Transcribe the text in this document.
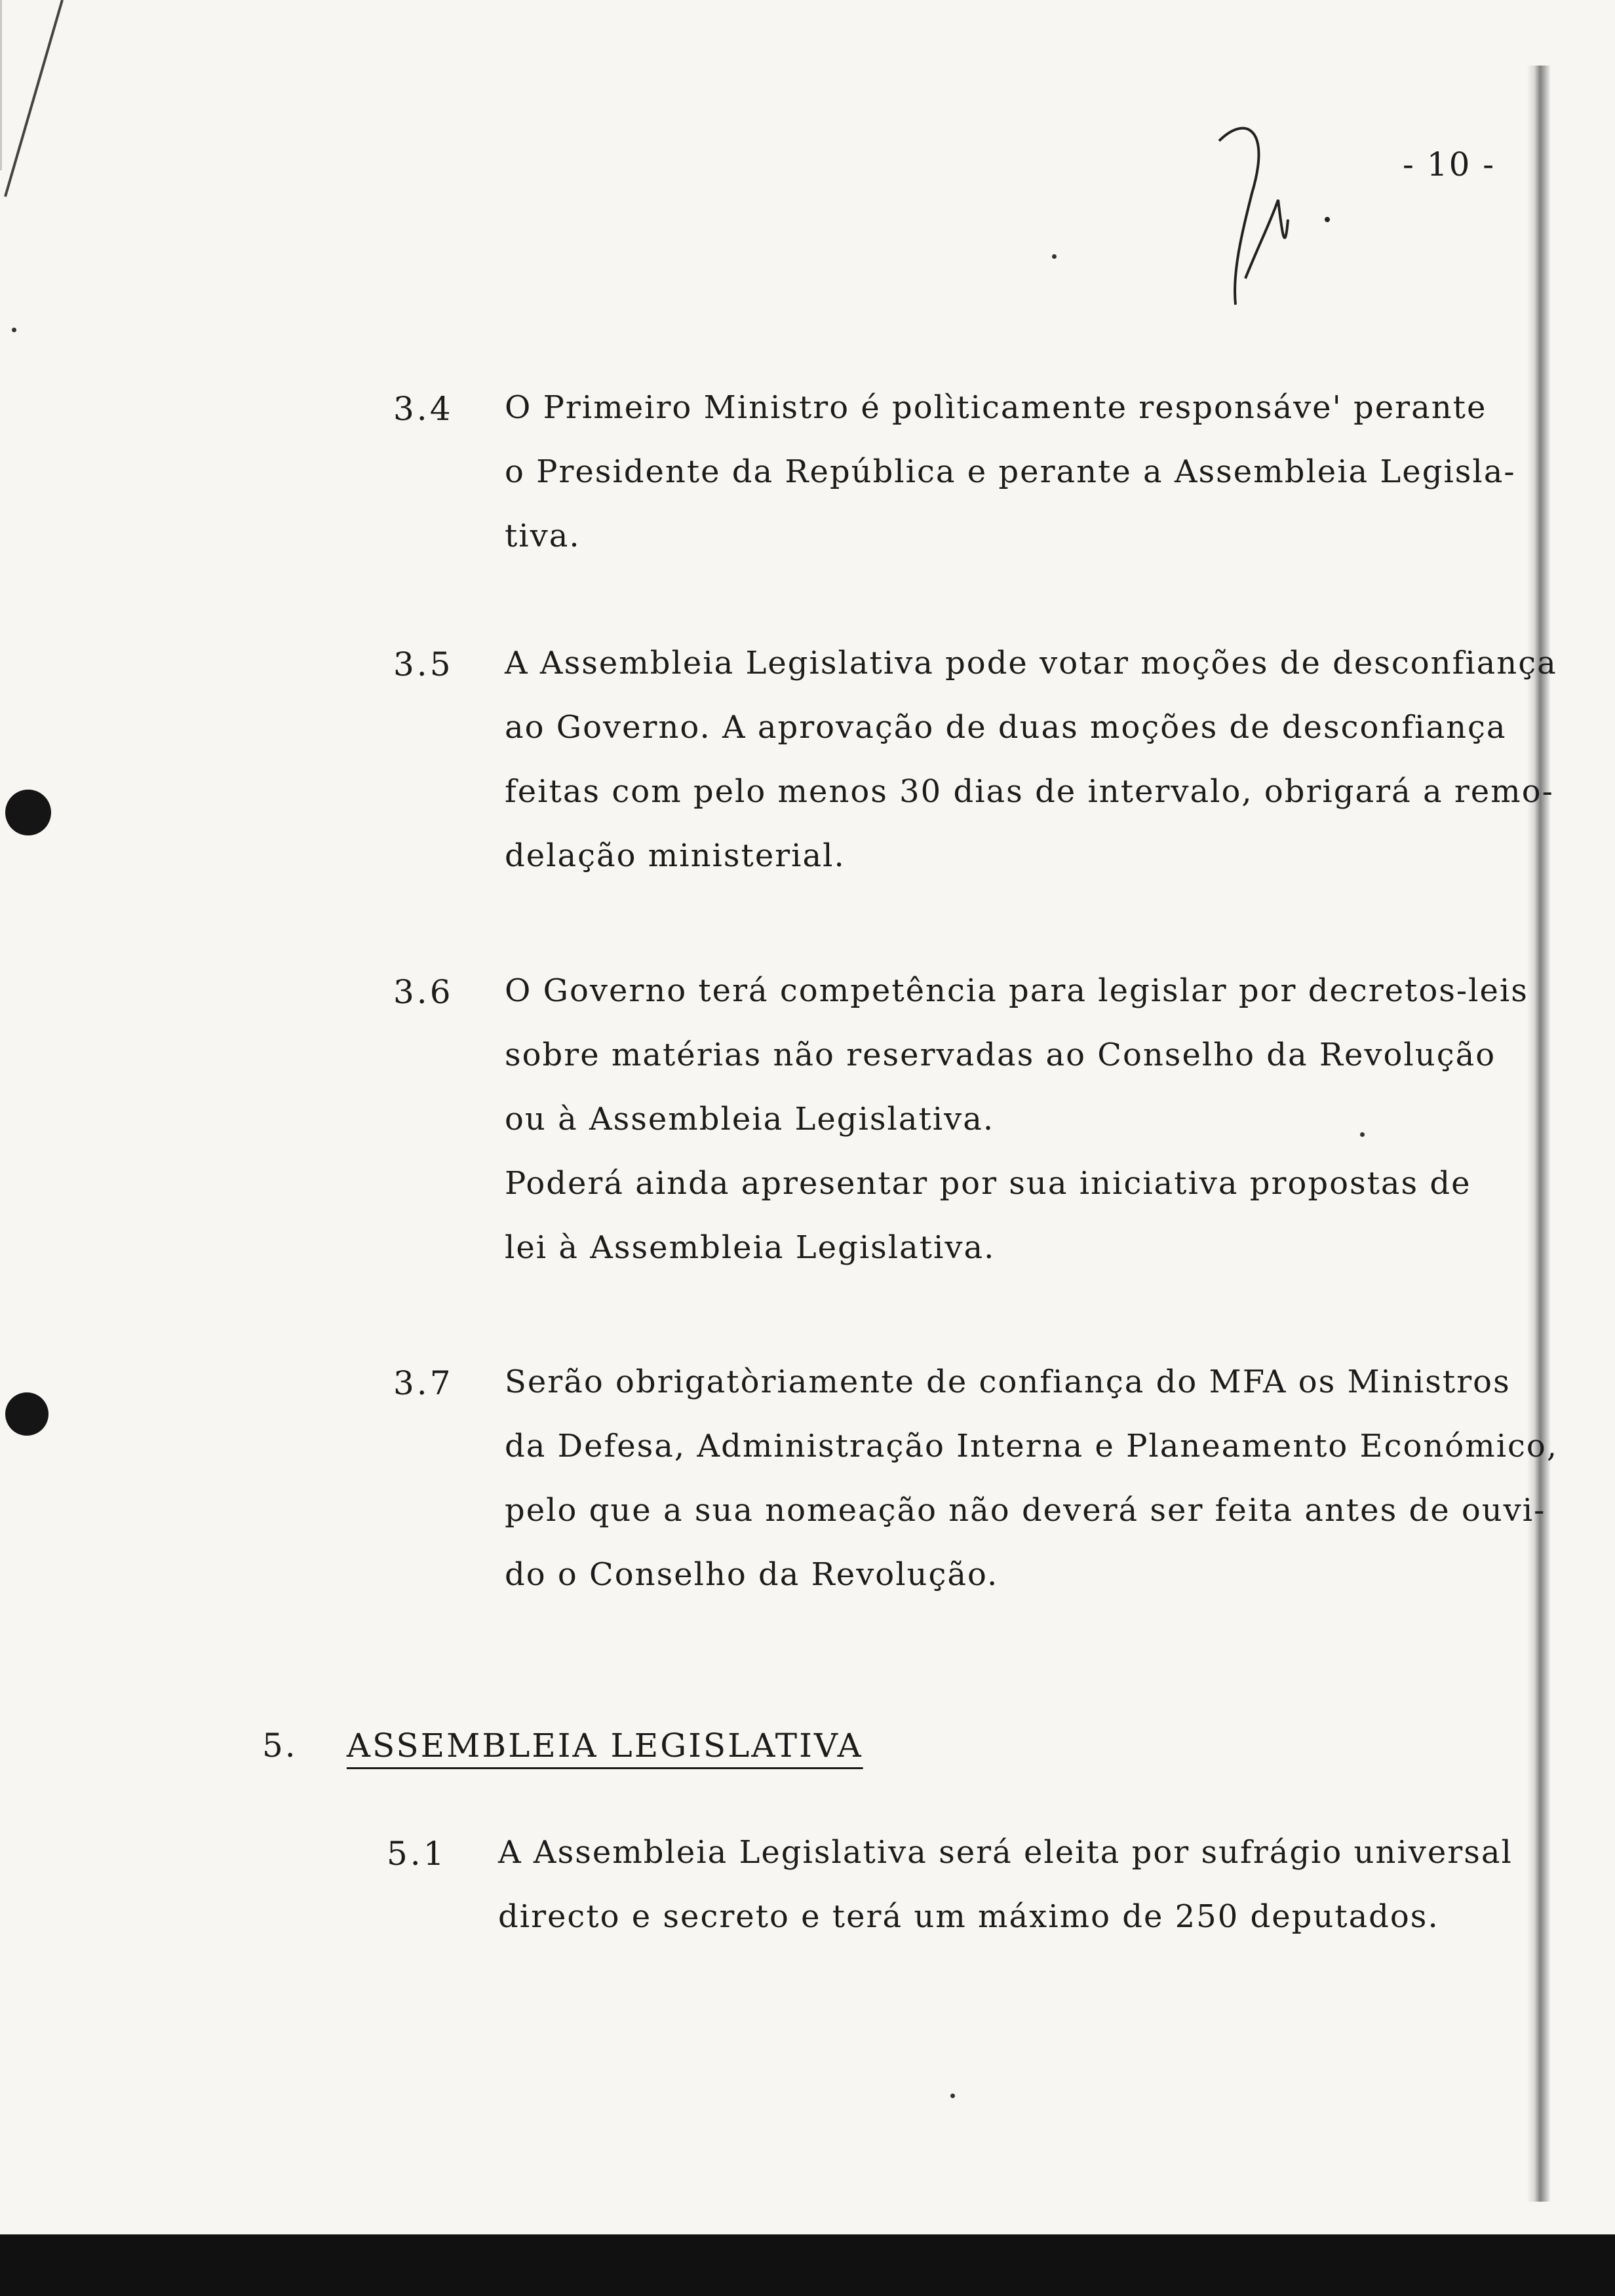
- 10 -
3.4 O Primeiro Ministro é polìticamente responsáve' perante

o Presidente da República e perante a Assembleia Legisla-

tiva.

3.5 A Assembleia Legislativa pode votar moções de desconfiança

ao Governo. A aprovação de duas moções de desconfiança

feitas com pelo menos 30 dias de intervalo, obrigará a remo-

delação ministerial.

3.6 O Governo terá competência para legislar por decretos-leis

sobre matérias não reservadas ao Conselho da Revolução

ou à Assembleia Legislativa.

Poderá ainda apresentar por sua iniciativa propostas de

lei à Assembleia Legislativa.

3.7 Serão obrigatòriamente de confiança do MFA os Ministros

da Defesa, Administração Interna e Planeamento Económico,

pelo que a sua nomeação não deverá ser feita antes de ouvi-

do o Conselho da Revolução.

5. ASSEMBLEIA LEGISLATIVA
5.1 A Assembleia Legislativa será eleita por sufrágio universal

directo e secreto e terá um máximo de 250 deputados.
